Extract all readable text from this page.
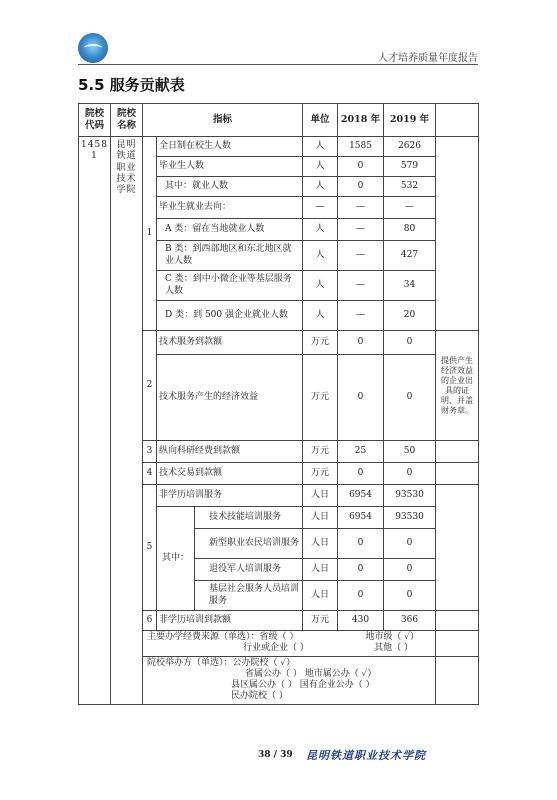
人才培养质量年度报告
5.5 服务贡献表
院校代码	院校名称	指标			单位	2018 年	2019 年	
14581	昆明铁道职业技术学院	1	全日制在校生人数		人	1585	2626	
			毕业生人数		人	0	579	
			其中：就业人数		人	0	532	
			毕业生就业去向：		—	—	—	
			A 类：留在当地就业人数		人	—	80	
			B 类：到西部地区和东北地区就业人数		人	—	427	
			C 类：到中小微企业等基层服务人数		人	—	34	
			D 类：到 500 强企业就业人数		人	—	20	
		2	技术服务到款额		万元	0	0	提供产生经济效益的企业出具的证明、并盖财务章。
			技术服务产生的经济效益		万元	0	0	
		3	纵向科研经费到款额		万元	25	50	
		4	技术交易到款额		万元	0	0	
		5	非学历培训服务		人日	6954	93530	
			其中：	技术技能培训服务	人日	6954	93530	
				新型职业农民培训服务	人日	0	0	
				退役军人培训服务	人日	0	0	
				基层社会服务人员培训服务	人日	0	0	
		6	非学历培训到款额		万元	430	366	

		主要办学经费来源（单选）：省级（ ） 地市级（ ✓）
行业或企业（ ） 其他（ ）						

		院校举办方（单选）：公办院校（ ✓）
省属公办（ ） 地市属公办（ ✓）
县区属公办（ ） 国有企业公办（ ）
民办院校（ ）						

38 / 39 昆明铁道职业技术学院
